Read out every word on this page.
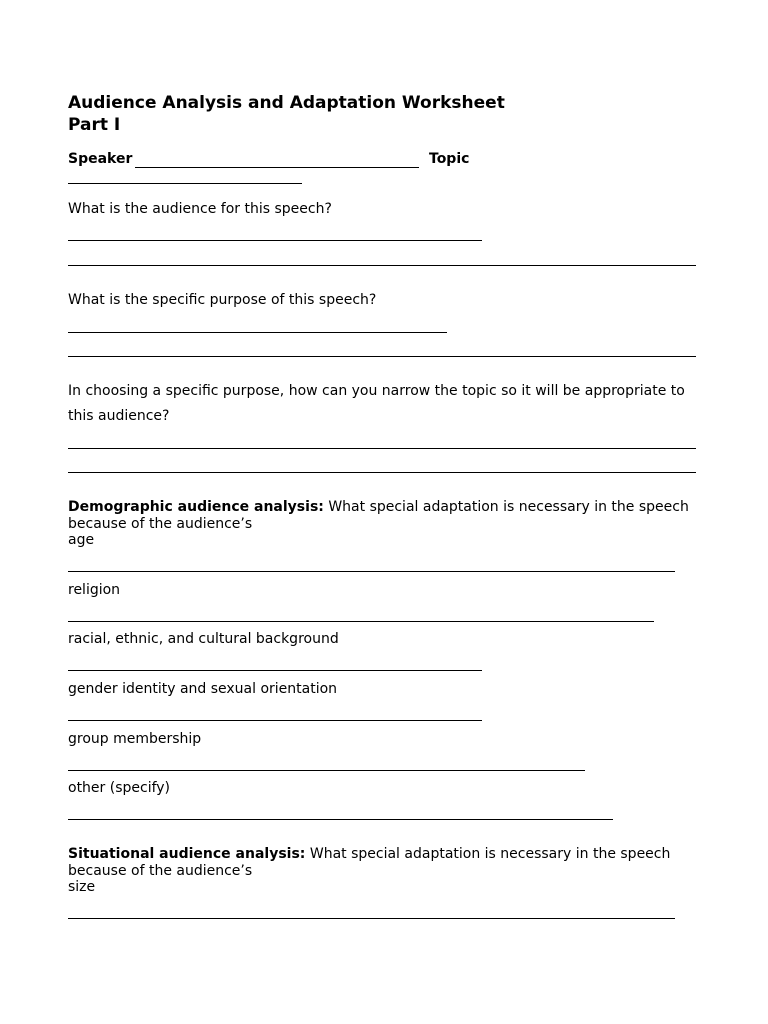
Audience Analysis and Adaptation Worksheet
Part I
Speaker	Topic
What is the audience for this speech?
What is the specific purpose of this speech?
In choosing a specific purpose, how can you narrow the topic so it will be appropriate to
this audience?
Demographic audience analysis: What special adaptation is necessary in the speech
because of the audience’s
age
religion
racial, ethnic, and cultural background
gender identity and sexual orientation
group membership
other (specify)
Situational audience analysis: What special adaptation is necessary in the speech
because of the audience’s
size
